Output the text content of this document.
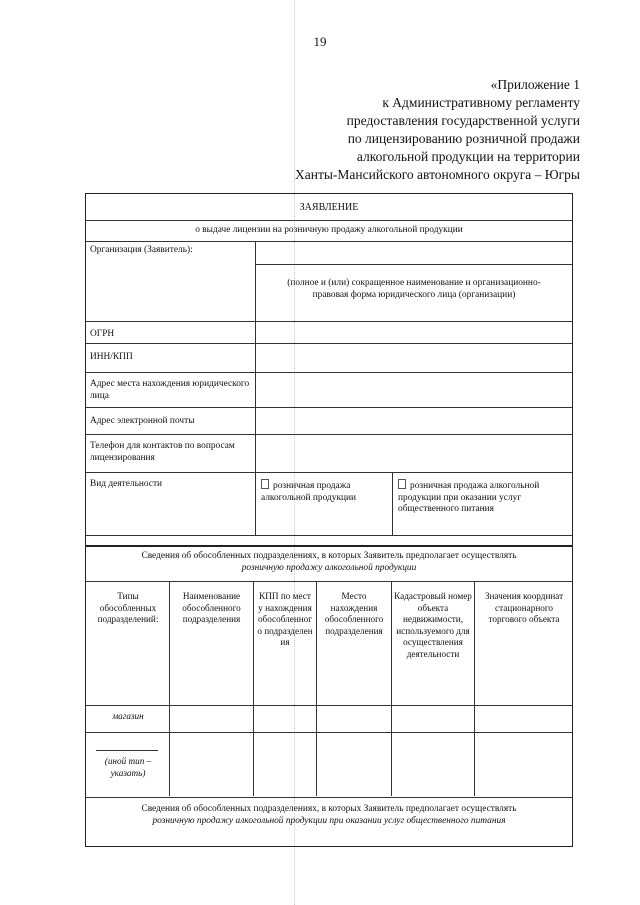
19
«Приложение 1
к Административному регламенту
предоставления государственной услуги
по лицензированию розничной продажи
алкогольной продукции на территории
Ханты-Мансийского автономного округа – Югры
ЗАЯВЛЕНИЕ
о выдаче лицензии на розничную продажу алкогольной продукции
Организация (Заявитель):
(полное и (или) сокращенное наименование и организационно-правовая форма юридического лица (организации)
ОГРН
ИНН/КПП
Адрес места нахождения юридического лица
Адрес электронной почты
Телефон для контактов по вопросам лицензирования
Вид деятельности	розничная продажа алкогольной продукции
розничная продажа алкогольной продукции при оказании услуг общественного питания
Сведения об обособленных подразделениях, в которых Заявитель предполагает осуществлять
розничную продажу алкогольной продукции
Типы обособленных подразделений:
Наименование обособленного подразделения
КПП по месту нахождения обособленного подразделения
Место нахождения обособленного подразделения
Кадастровый номер объекта недвижимости, используемого для осуществления деятельности
Значения координат стационарного торгового объекта
магазин
(иной тип – указать)
Сведения об обособленных подразделениях, в которых Заявитель предполагает осуществлять
розничную продажу алкогольной продукции при оказании услуг общественного питания
